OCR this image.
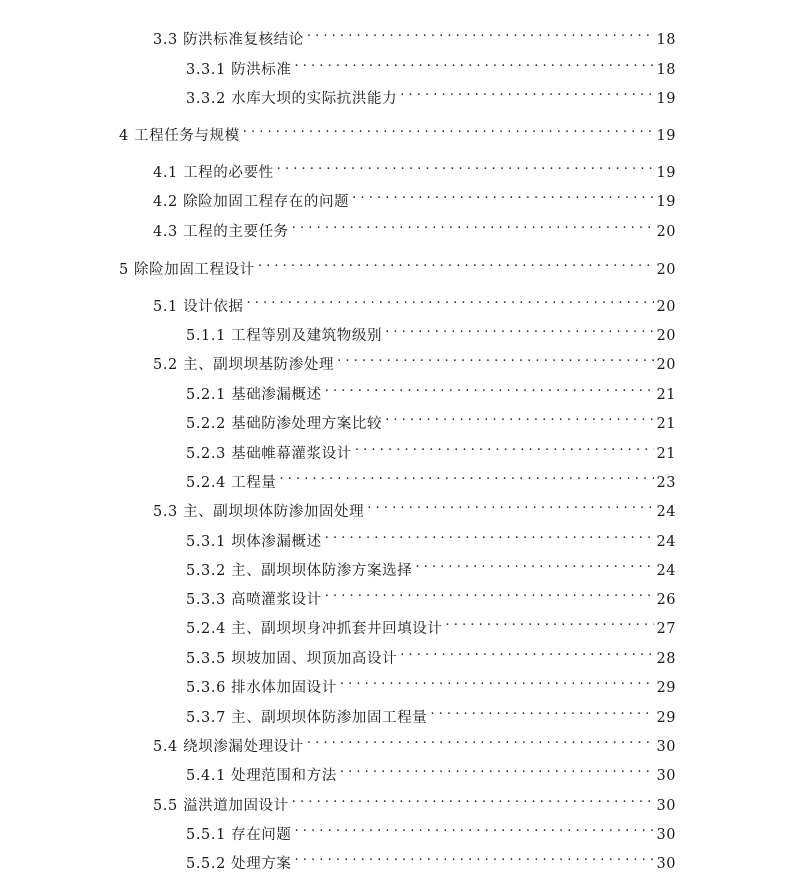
3.3 防洪标准复核结论 . . .	18
3.3.1 防洪标准 . . .	18
3.3.2 水库大坝的实际抗洪能力 . . .	19
4 工程任务与规模 . . .	19
4.1 工程的必要性 . . .	19
4.2 除险加固工程存在的问题 . . .	19
4.3 工程的主要任务 . . .	20
5 除险加固工程设计 . . .	20
5.1 设计依据 . . .	20
5.1.1 工程等别及建筑物级别 . . .	20
5.2 主、副坝坝基防渗处理 . . .	20
5.2.1 基础渗漏概述 . . .	21
5.2.2 基础防渗处理方案比较 . . .	21
5.2.3 基础帷幕灌浆设计 . . .	21
5.2.4 工程量 . . .	23
5.3 主、副坝坝体防渗加固处理 . . .	24
5.3.1 坝体渗漏概述 . . .	24
5.3.2 主、副坝坝体防渗方案选择 . . .	24
5.3.3 高喷灌浆设计 . . .	26
5.2.4 主、副坝坝身冲抓套井回填设计 . . .	27
5.3.5 坝坡加固、坝顶加高设计 . . .	28
5.3.6 排水体加固设计 . . .	29
5.3.7 主、副坝坝体防渗加固工程量 . . .	29
5.4 绕坝渗漏处理设计 . . .	30
5.4.1 处理范围和方法 . . .	30
5.5 溢洪道加固设计 . . .	30
5.5.1 存在问题 . . .	30
5.5.2 处理方案 . . .	30
